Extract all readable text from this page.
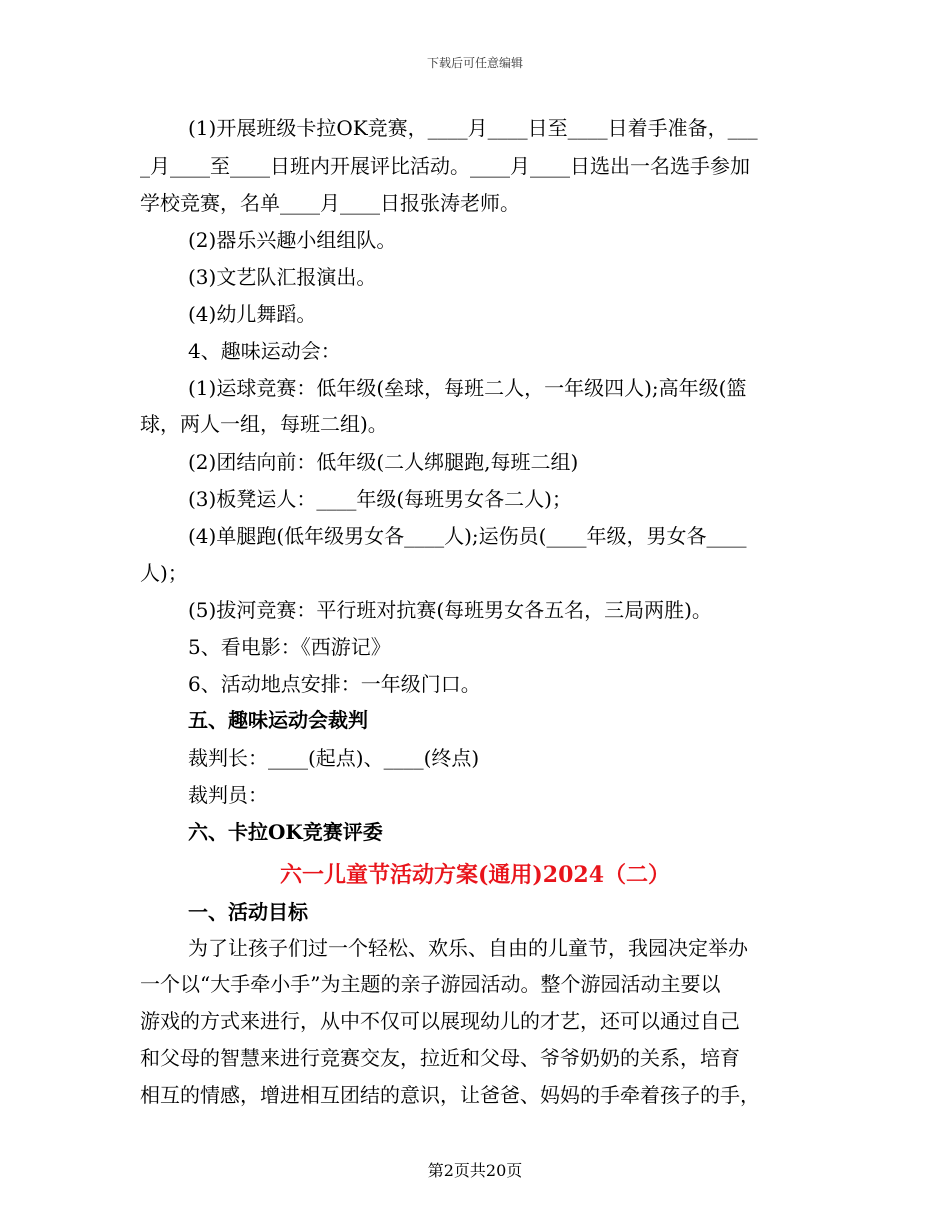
下载后可任意编辑
(1)开展班级卡拉OK竞赛，____月____日至____日着手准备，___
_月____至____日班内开展评比活动。____月____日选出一名选手参加
学校竞赛，名单____月____日报张涛老师。
(2)器乐兴趣小组组队。
(3)文艺队汇报演出。
(4)幼儿舞蹈。
4、趣味运动会：
(1)运球竞赛：低年级(垒球，每班二人，一年级四人);高年级(篮
球，两人一组，每班二组)。
(2)团结向前：低年级(二人绑腿跑,每班二组)
(3)板凳运人：____年级(每班男女各二人)；
(4)单腿跑(低年级男女各____人);运伤员(____年级，男女各____
人)；
(5)拔河竞赛：平行班对抗赛(每班男女各五名，三局两胜)。
5、看电影：《西游记》
6、活动地点安排：一年级门口。
五、趣味运动会裁判
裁判长：____(起点)、____(终点)
裁判员：
六、卡拉OK竞赛评委
六一儿童节活动方案(通用)2024（二）
一、活动目标
为了让孩子们过一个轻松、欢乐、自由的儿童节，我园决定举办
一个以“大手牵小手”为主题的亲子游园活动。整个游园活动主要以
游戏的方式来进行，从中不仅可以展现幼儿的才艺，还可以通过自己
和父母的智慧来进行竞赛交友，拉近和父母、爷爷奶奶的关系，培育
相互的情感，增进相互团结的意识，让爸爸、妈妈的手牵着孩子的手，
第2页共20页
